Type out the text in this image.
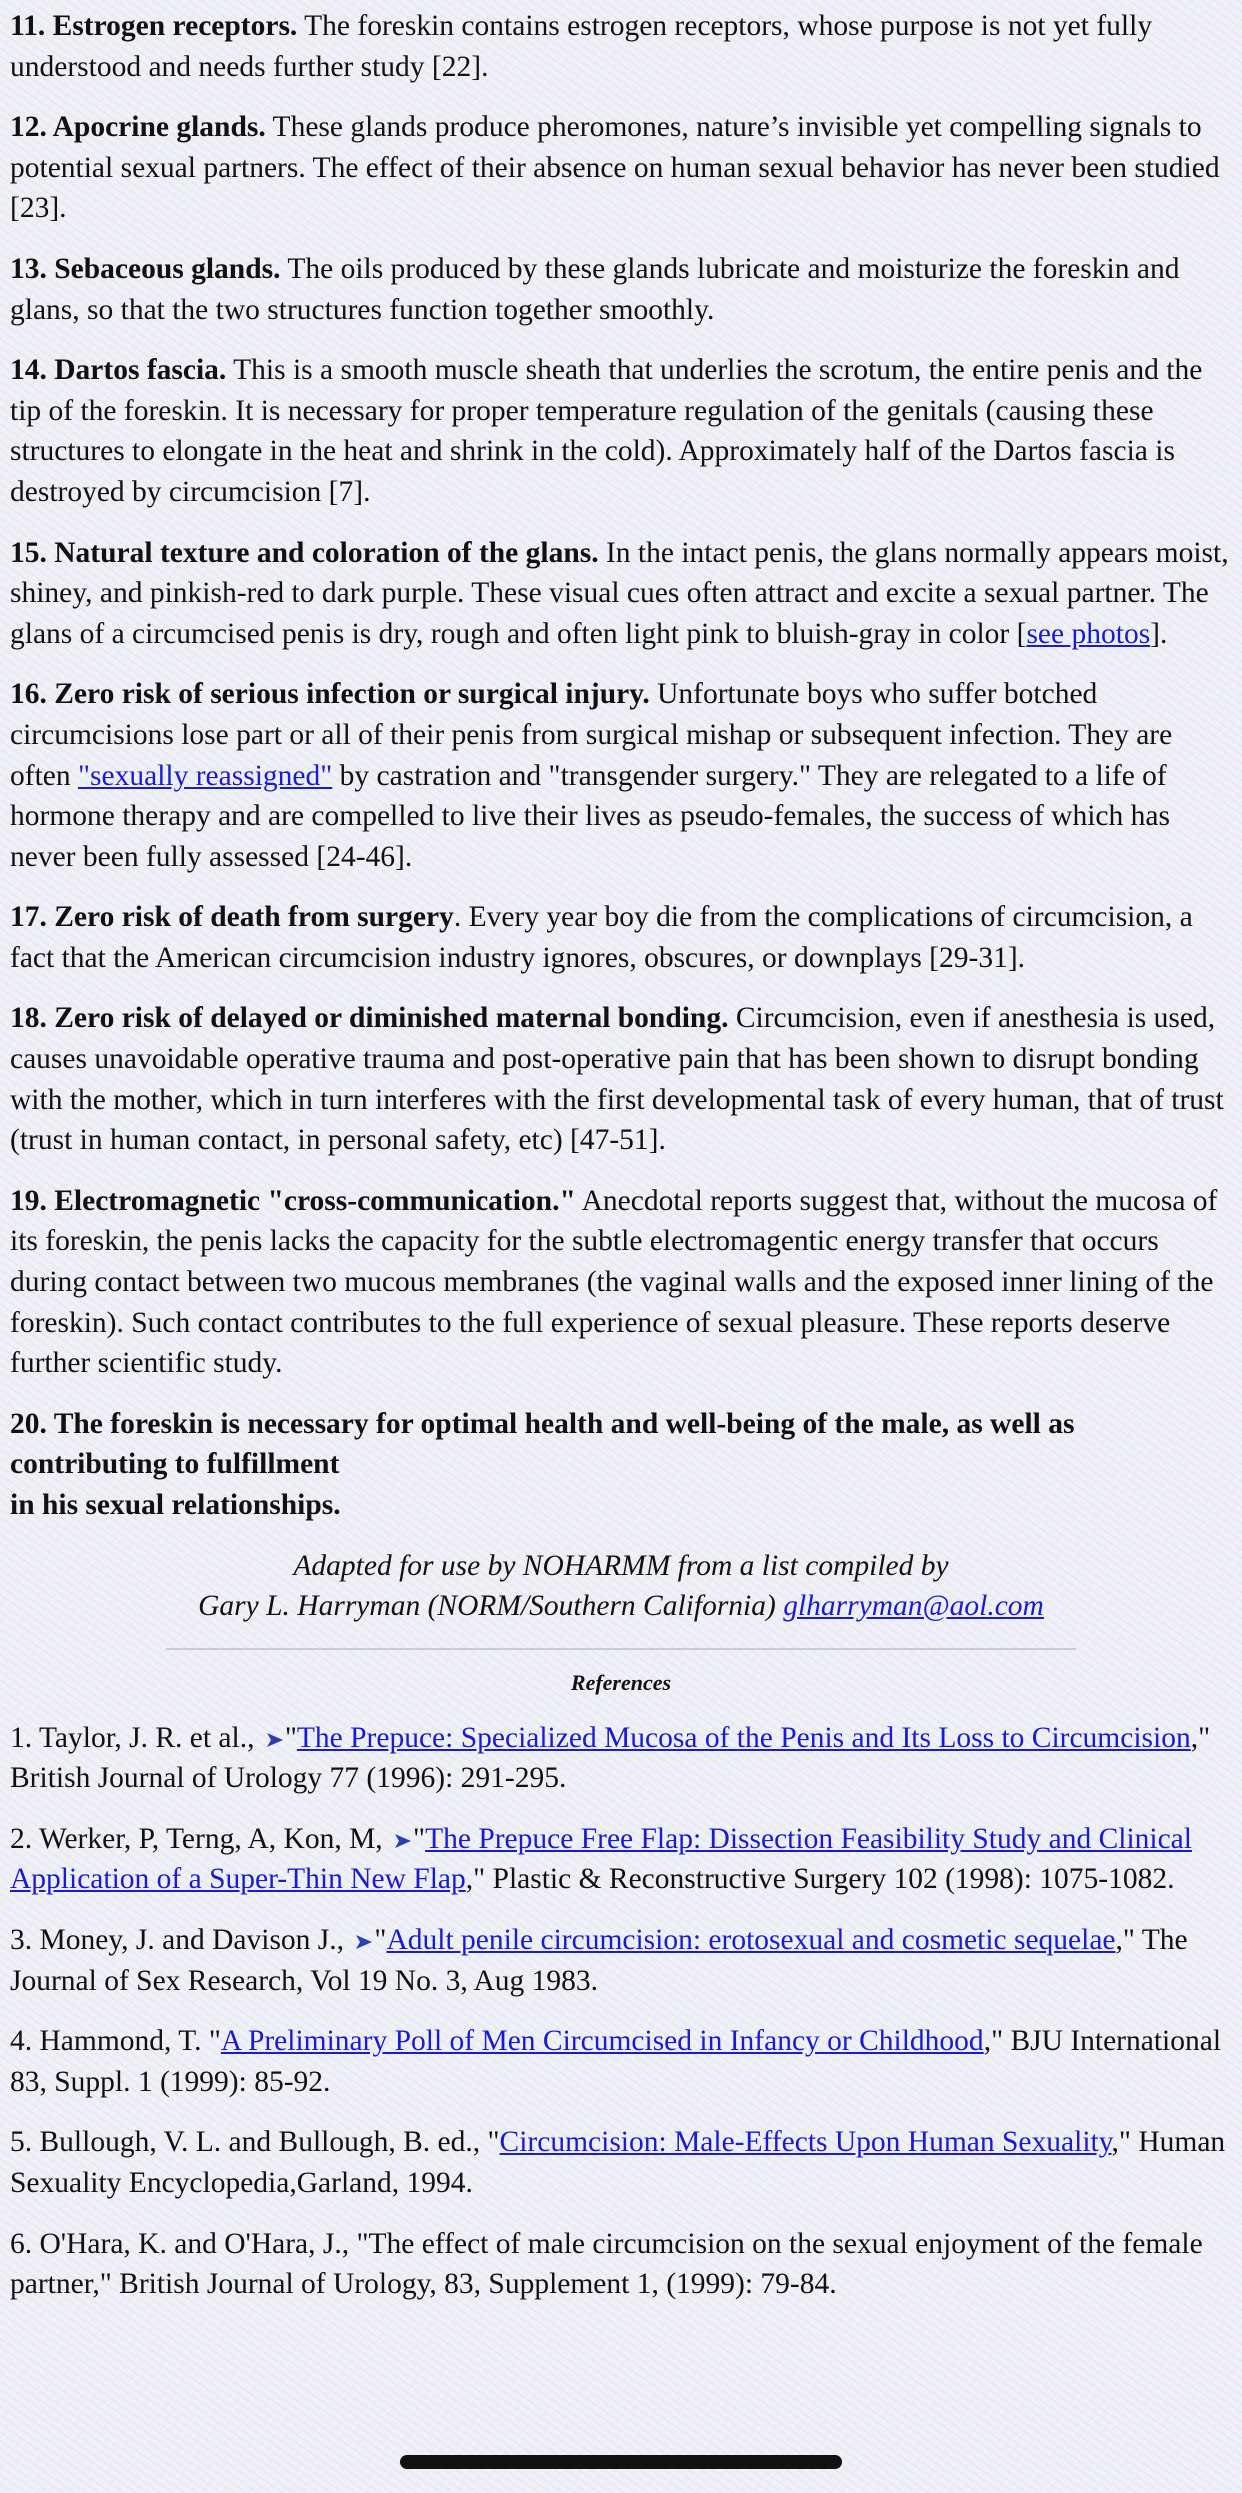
11. Estrogen receptors. The foreskin contains estrogen receptors, whose purpose is not yet fully understood and needs further study [22].

12. Apocrine glands. These glands produce pheromones, nature’s invisible yet compelling signals to potential sexual partners. The effect of their absence on human sexual behavior has never been studied [23].

13. Sebaceous glands. The oils produced by these glands lubricate and moisturize the foreskin and glans, so that the two structures function together smoothly.

14. Dartos fascia. This is a smooth muscle sheath that underlies the scrotum, the entire penis and the tip of the foreskin. It is necessary for proper temperature regulation of the genitals (causing these structures to elongate in the heat and shrink in the cold). Approximately half of the Dartos fascia is destroyed by circumcision [7].

15. Natural texture and coloration of the glans. In the intact penis, the glans normally appears moist, shiney, and pinkish-red to dark purple. These visual cues often attract and excite a sexual partner. The glans of a circumcised penis is dry, rough and often light pink to bluish-gray in color [see photos].

16. Zero risk of serious infection or surgical injury. Unfortunate boys who suffer botched circumcisions lose part or all of their penis from surgical mishap or subsequent infection. They are often "sexually reassigned" by castration and "transgender surgery." They are relegated to a life of hormone therapy and are compelled to live their lives as pseudo-females, the success of which has never been fully assessed [24-46].

17. Zero risk of death from surgery. Every year boy die from the complications of circumcision, a fact that the American circumcision industry ignores, obscures, or downplays [29-31].

18. Zero risk of delayed or diminished maternal bonding. Circumcision, even if anesthesia is used, causes unavoidable operative trauma and post-operative pain that has been shown to disrupt bonding with the mother, which in turn interferes with the first developmental task of every human, that of trust (trust in human contact, in personal safety, etc) [47-51].

19. Electromagnetic "cross-communication." Anecdotal reports suggest that, without the mucosa of its foreskin, the penis lacks the capacity for the subtle electromagentic energy transfer that occurs during contact between two mucous membranes (the vaginal walls and the exposed inner lining of the foreskin). Such contact contributes to the full experience of sexual pleasure. These reports deserve further scientific study.

20. The foreskin is necessary for optimal health and well-being of the male, as well as contributing to fulfillment
in his sexual relationships.

Adapted for use by NOHARMM from a list compiled by
Gary L. Harryman (NORM/Southern California) glharryman@aol.com
References

1. Taylor, J. R. et al., "The Prepuce: Specialized Mucosa of the Penis and Its Loss to Circumcision," British Journal of Urology 77 (1996): 291-295.

2. Werker, P, Terng, A, Kon, M, "The Prepuce Free Flap: Dissection Feasibility Study and Clinical Application of a Super-Thin New Flap," Plastic & Reconstructive Surgery 102 (1998): 1075-1082.

3. Money, J. and Davison J., "Adult penile circumcision: erotosexual and cosmetic sequelae," The Journal of Sex Research, Vol 19 No. 3, Aug 1983.

4. Hammond, T. "A Preliminary Poll of Men Circumcised in Infancy or Childhood," BJU International 83, Suppl. 1 (1999): 85-92.

5. Bullough, V. L. and Bullough, B. ed., "Circumcision: Male-Effects Upon Human Sexuality," Human Sexuality Encyclopedia,Garland, 1994.

6. O'Hara, K. and O'Hara, J., "The effect of male circumcision on the sexual enjoyment of the female partner," British Journal of Urology, 83, Supplement 1, (1999): 79-84.
